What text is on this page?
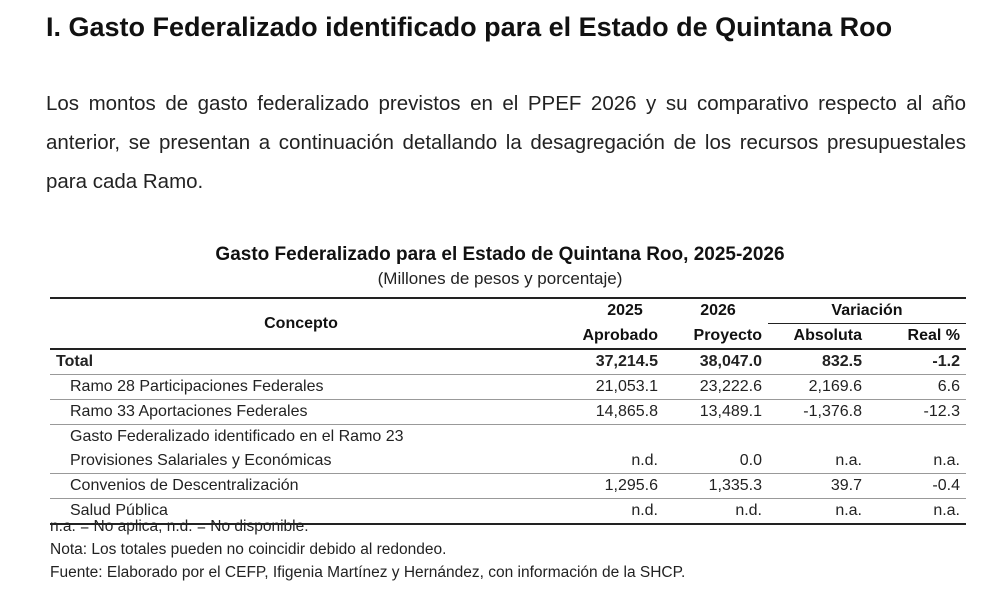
I. Gasto Federalizado identificado para el Estado de Quintana Roo
Los montos de gasto federalizado previstos en el PPEF 2026 y su comparativo respecto al año anterior, se presentan a continuación detallando la desagregación de los recursos presupuestales para cada Ramo.
Gasto Federalizado para el Estado de Quintana Roo, 2025-2026
(Millones de pesos y porcentaje)
Concepto	2025	2026	Variación	
	Aprobado	Proyecto	Absoluta	Real %
Total	37,214.5	38,047.0	832.5	-1.2
Ramo 28 Participaciones Federales	21,053.1	23,222.6	2,169.6	6.6
Ramo 33 Aportaciones Federales	14,865.8	13,489.1	-1,376.8	-12.3
Gasto Federalizado identificado en el Ramo 23				
Provisiones Salariales y Económicas	n.d.	0.0	n.a.	n.a.
Convenios de Descentralización	1,295.6	1,335.3	39.7	-0.4
Salud Pública	n.d.	n.d.	n.a.	n.a.
n.a. = No aplica, n.d. = No disponible.
Nota: Los totales pueden no coincidir debido al redondeo.
Fuente: Elaborado por el CEFP, Ifigenia Martínez y Hernández, con información de la SHCP.
